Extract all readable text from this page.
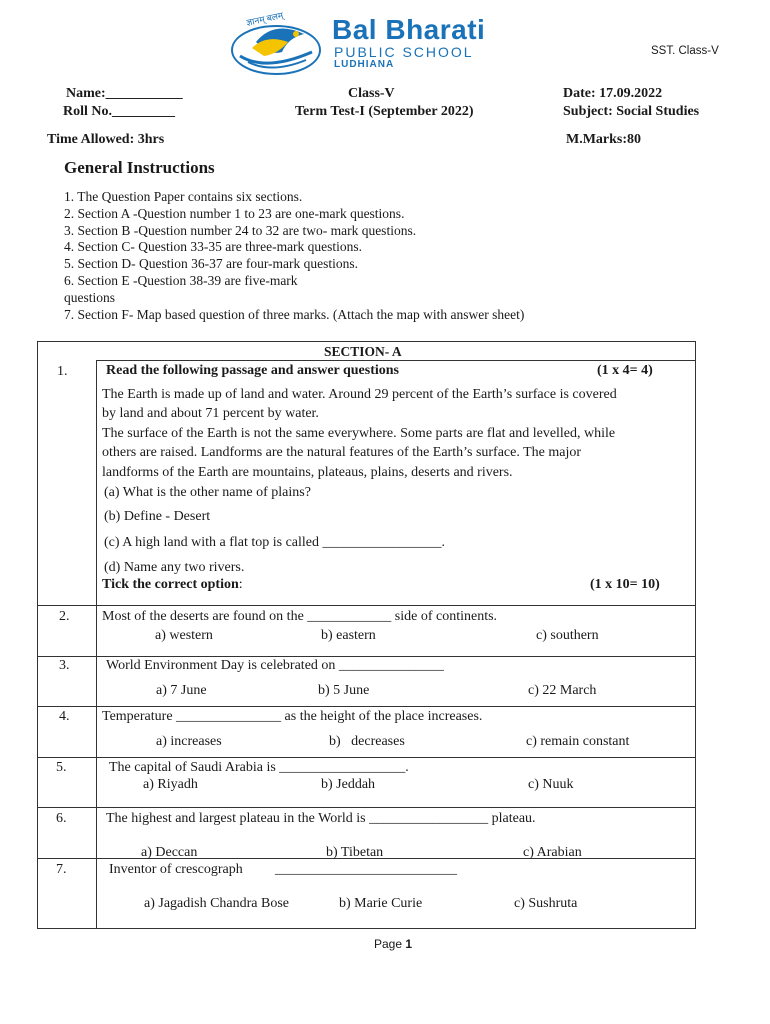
ज्ञानम् बलम् Bal Bharati
PUBLIC SCHOOL
LUDHIANA
SST. Class-V
Name:___________
Roll No._________
Class-V
Term Test-I (September 2022)
Date: 17.09.2022
Subject: Social Studies
Time Allowed: 3hrs	M.Marks:80
General Instructions
1. The Question Paper contains six sections.
2. Section A -Question number 1 to 23 are one-mark questions.
3. Section B -Question number 24 to 32 are two- mark questions.
4. Section C- Question 33-35 are three-mark questions.
5. Section D- Question 36-37 are four-mark questions.
6. Section E -Question 38-39 are five-mark
questions
7. Section F- Map based question of three marks. (Attach the map with answer sheet)
SECTION- A
1.	Read the following passage and answer questions	(1 x 4= 4)
The Earth is made up of land and water. Around 29 percent of the Earth’s surface is covered
by land and about 71 percent by water.
The surface of the Earth is not the same everywhere. Some parts are flat and levelled, while
others are raised. Landforms are the natural features of the Earth’s surface. The major
landforms of the Earth are mountains, plateaus, plains, deserts and rivers.
(a) What is the other name of plains?
(b) Define - Desert
(c) A high land with a flat top is called _________________.
(d) Name any two rivers.
Tick the correct option:	(1 x 10= 10)
2. Most of the deserts are found on the ____________ side of continents.
a) western	b) eastern	c) southern
3.	World Environment Day is celebrated on _______________
a) 7 June	b) 5 June	c) 22 March
4. Temperature _______________ as the height of the place increases.
a) increases	b)   decreases	c) remain constant
5.	The capital of Saudi Arabia is __________________.
a) Riyadh	b) Jeddah	c) Nuuk
6.	The highest and largest plateau in the World is _________________ plateau.
a) Deccan	b) Tibetan	c) Arabian
7.	Inventor of crescograph __________________________
a) Jagadish Chandra Bose	b) Marie Curie	c) Sushruta
Page 1
